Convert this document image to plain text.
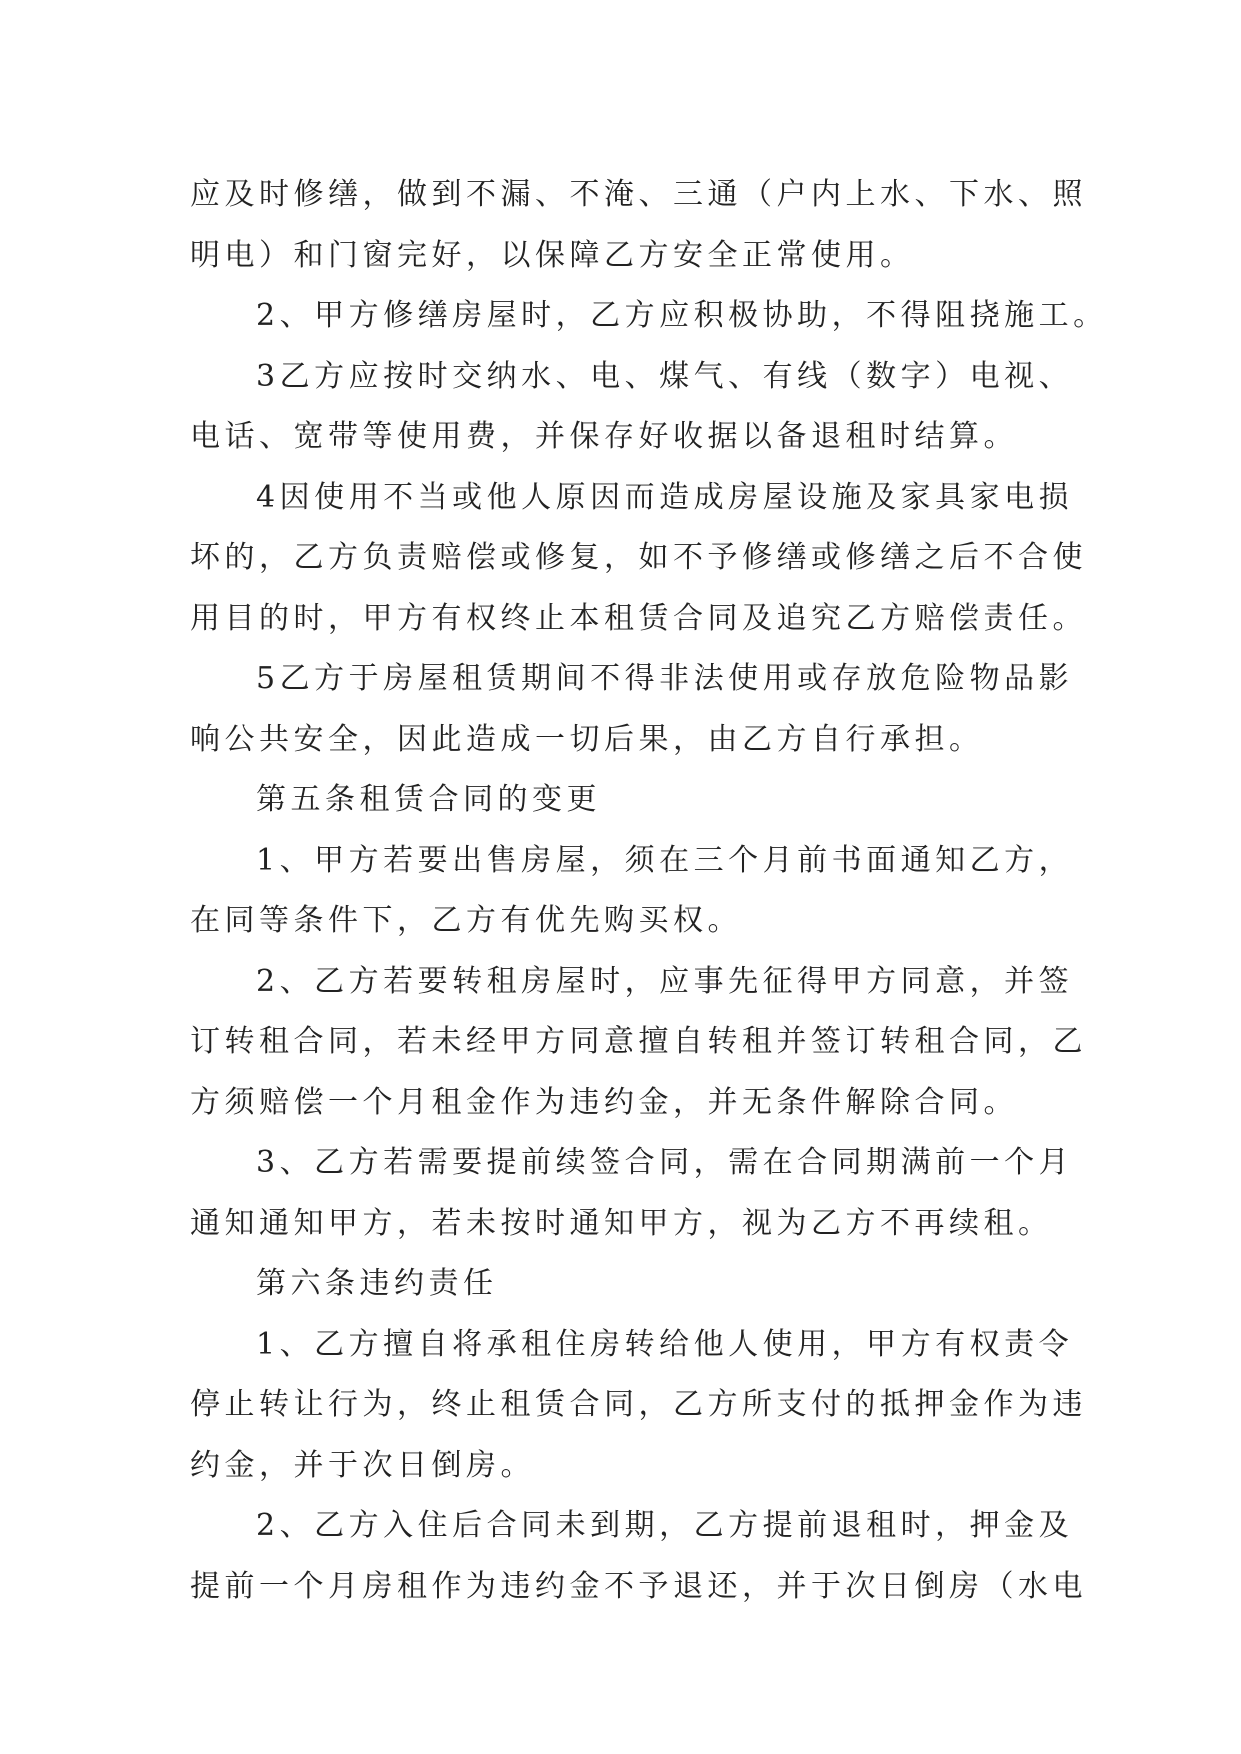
应及时修缮，做到不漏、不淹、三通（户内上水、下水、照
明电）和门窗完好，以保障乙方安全正常使用。
2、甲方修缮房屋时，乙方应积极协助，不得阻挠施工。
3乙方应按时交纳水、电、煤气、有线（数字）电视、
电话、宽带等使用费，并保存好收据以备退租时结算。
4因使用不当或他人原因而造成房屋设施及家具家电损
坏的，乙方负责赔偿或修复，如不予修缮或修缮之后不合使
用目的时，甲方有权终止本租赁合同及追究乙方赔偿责任。
5乙方于房屋租赁期间不得非法使用或存放危险物品影
响公共安全，因此造成一切后果，由乙方自行承担。
第五条租赁合同的变更
1、甲方若要出售房屋，须在三个月前书面通知乙方，
在同等条件下，乙方有优先购买权。
2、乙方若要转租房屋时，应事先征得甲方同意，并签
订转租合同，若未经甲方同意擅自转租并签订转租合同，乙
方须赔偿一个月租金作为违约金，并无条件解除合同。
3、乙方若需要提前续签合同，需在合同期满前一个月
通知通知甲方，若未按时通知甲方，视为乙方不再续租。
第六条违约责任
1、乙方擅自将承租住房转给他人使用，甲方有权责令
停止转让行为，终止租赁合同，乙方所支付的抵押金作为违
约金，并于次日倒房。
2、乙方入住后合同未到期，乙方提前退租时，押金及
提前一个月房租作为违约金不予退还，并于次日倒房（水电
